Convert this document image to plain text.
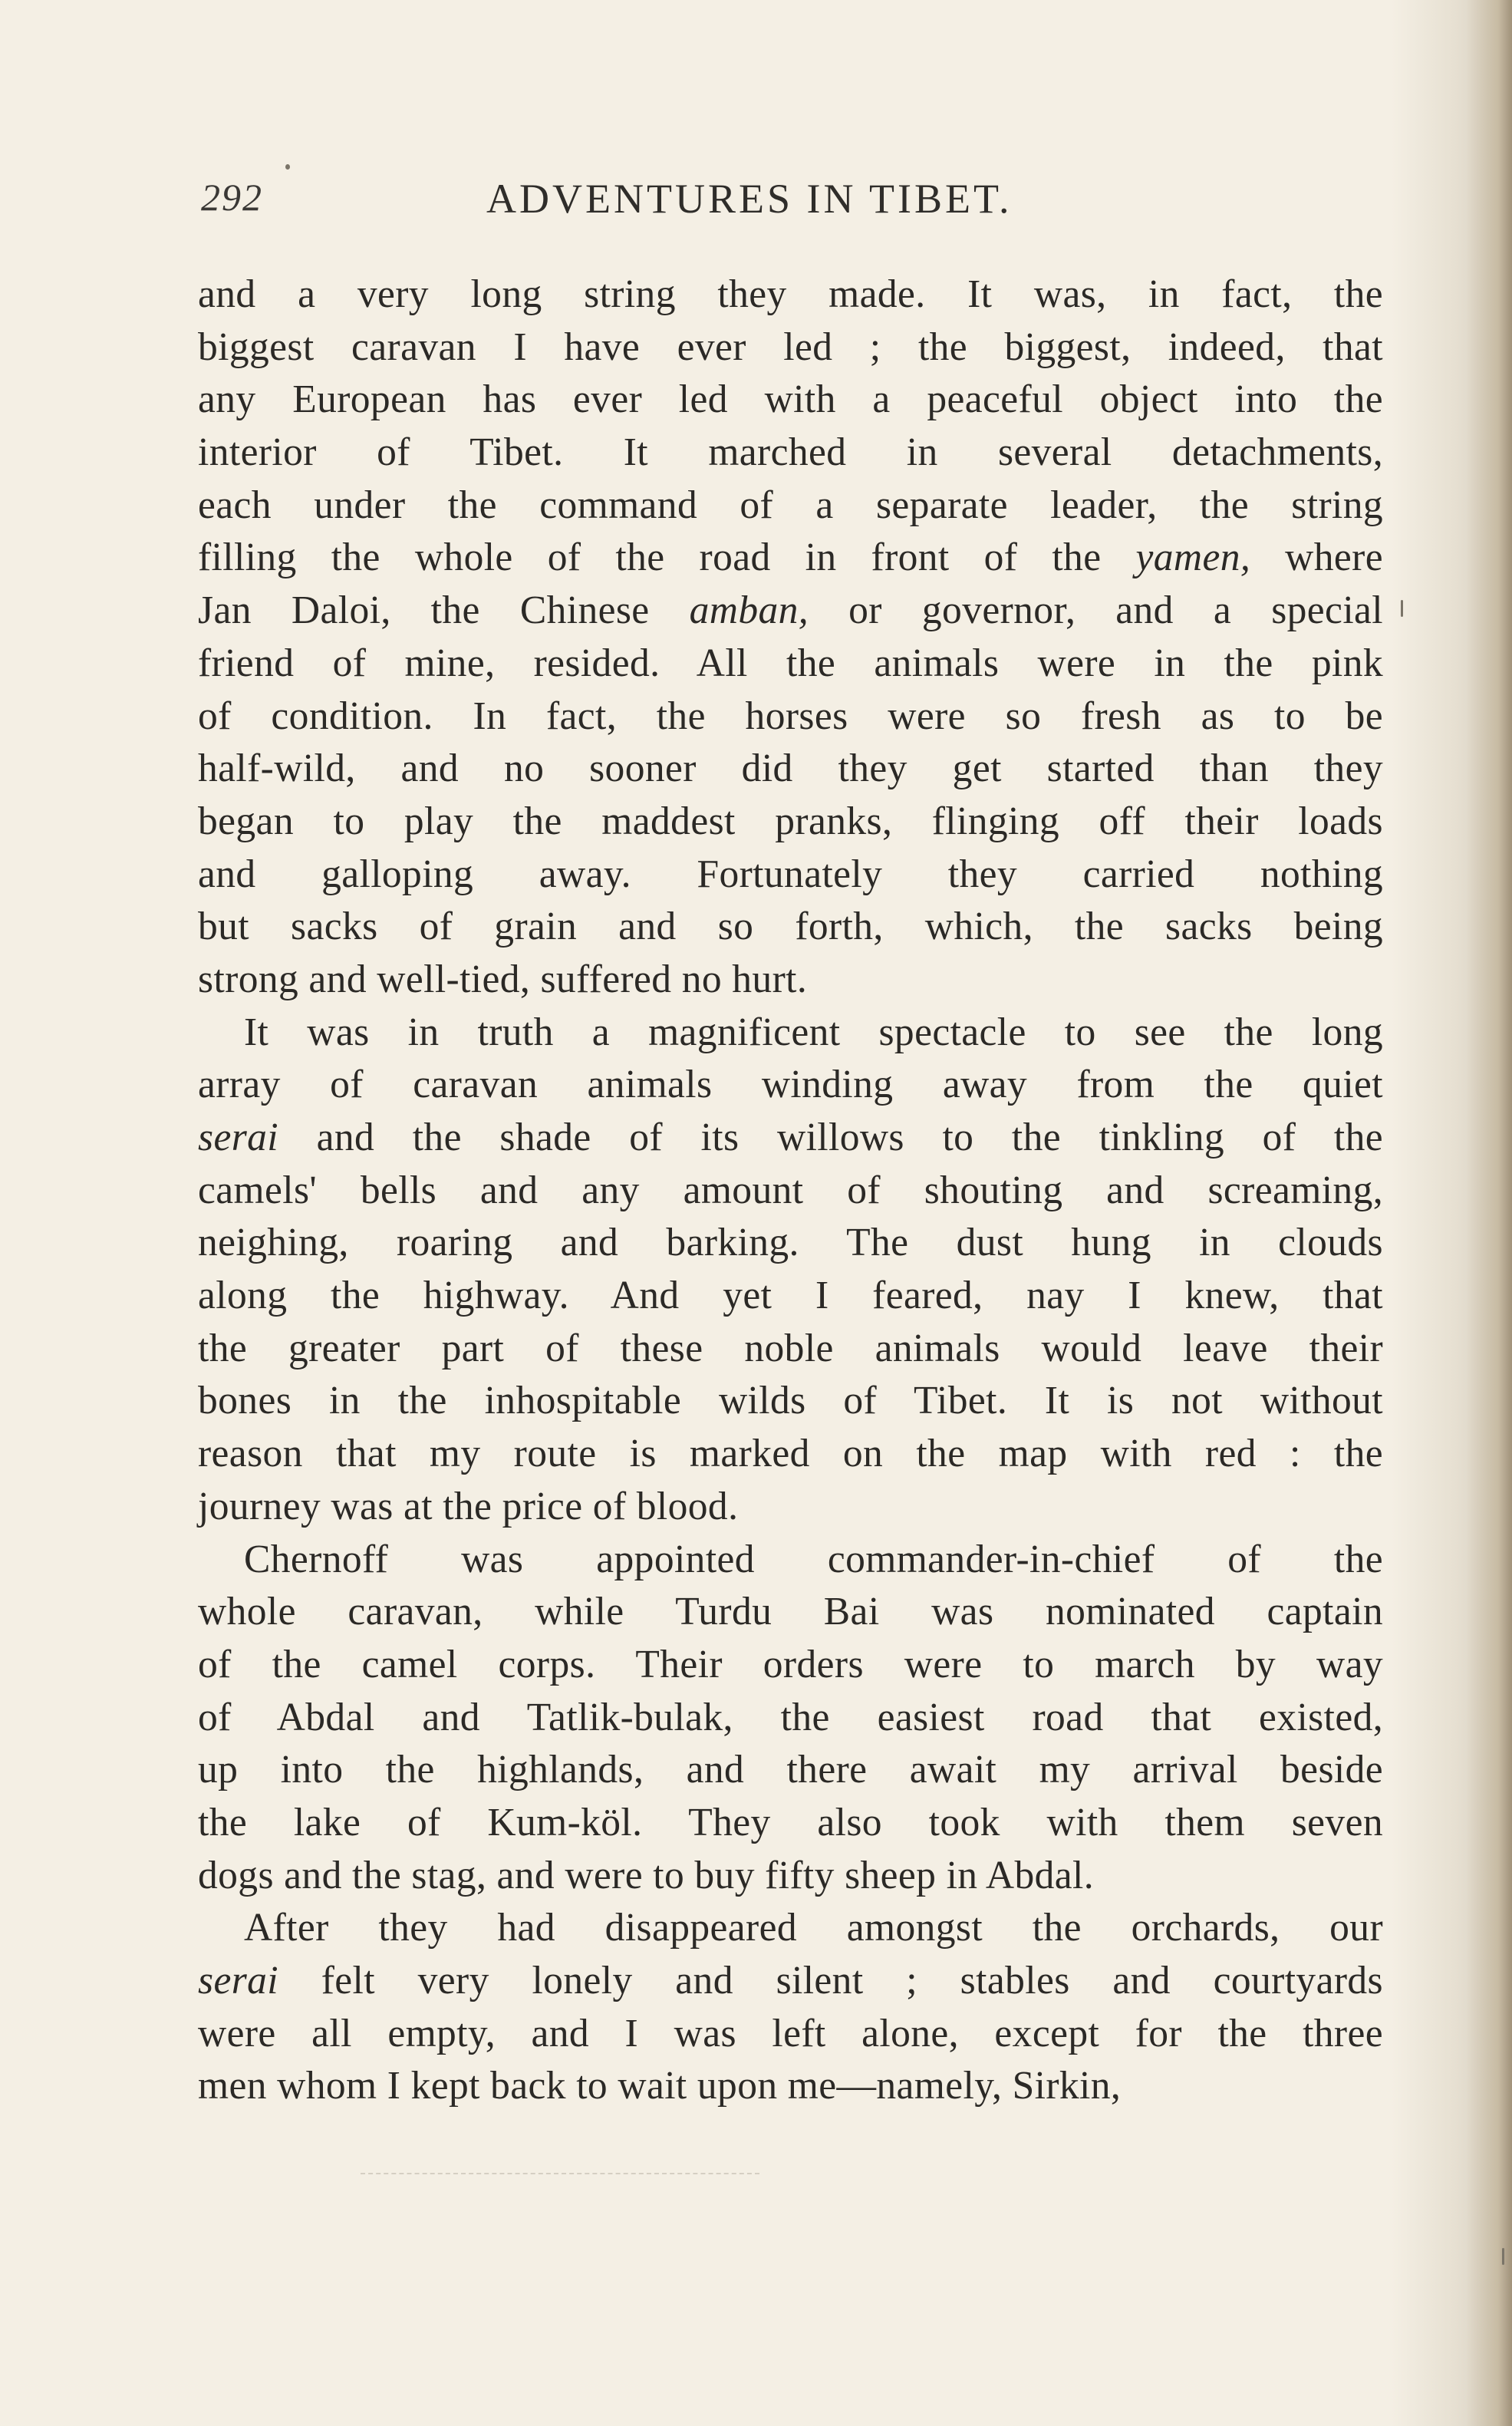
292	ADVENTURES IN TIBET.
and a very long string they made. It was, in fact, the
biggest caravan I have ever led ; the biggest, indeed, that
any European has ever led with a peaceful object into the
interior of Tibet. It marched in several detachments,
each under the command of a separate leader, the string
filling the whole of the road in front of the yamen, where
Jan Daloi, the Chinese amban, or governor, and a special
friend of mine, resided. All the animals were in the pink
of condition. In fact, the horses were so fresh as to be
half-wild, and no sooner did they get started than they
began to play the maddest pranks, flinging off their loads
and galloping away. Fortunately they carried nothing
but sacks of grain and so forth, which, the sacks being
strong and well-tied, suffered no hurt.
It was in truth a magnificent spectacle to see the long
array of caravan animals winding away from the quiet
serai and the shade of its willows to the tinkling of the
camels' bells and any amount of shouting and screaming,
neighing, roaring and barking. The dust hung in clouds
along the highway. And yet I feared, nay I knew, that
the greater part of these noble animals would leave their
bones in the inhospitable wilds of Tibet. It is not without
reason that my route is marked on the map with red : the
journey was at the price of blood.
Chernoff was appointed commander-in-chief of the
whole caravan, while Turdu Bai was nominated captain
of the camel corps. Their orders were to march by way
of Abdal and Tatlik-bulak, the easiest road that existed,
up into the highlands, and there await my arrival beside
the lake of Kum-köl. They also took with them seven
dogs and the stag, and were to buy fifty sheep in Abdal.
After they had disappeared amongst the orchards, our
serai felt very lonely and silent ; stables and courtyards
were all empty, and I was left alone, except for the three
men whom I kept back to wait upon me—namely, Sirkin,
